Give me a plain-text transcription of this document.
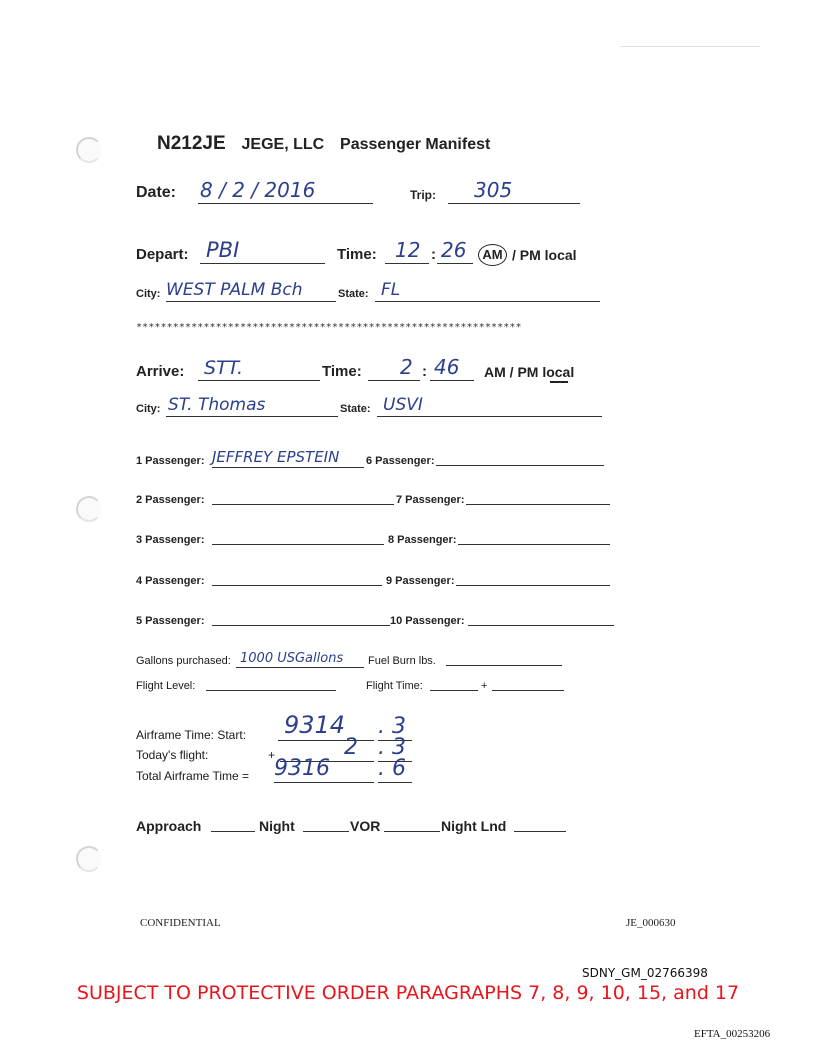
N212JE JEGE, LLC Passenger Manifest
Date: 8 / 2 / 2016	Trip: 305
Depart: PBI	Time: 12 : 26	AM / PM local
City: WEST PALM Bch	State: FL
***************************************************************
Arrive: STT.	Time: 2 : 46 AM / PM local
City: ST. Thomas	State: USVI
1 Passenger: JEFFREY EPSTEIN 6 Passenger:
2 Passenger:	7 Passenger:
3 Passenger:	8 Passenger:
4 Passenger:	9 Passenger:
5 Passenger:	10 Passenger:
Gallons purchased: 1000 USGallons Fuel Burn lbs.
Flight Level:	Flight Time:	+
Airframe Time: Start: 9314 . 3
Today's flight:	+	2 . 3
Total Airframe Time = 9316 . 6
Approach	Night	VOR	Night Lnd
CONFIDENTIAL	JE_000630
SDNY_GM_02766398
SUBJECT TO PROTECTIVE ORDER PARAGRAPHS 7, 8, 9, 10, 15, and 17
EFTA_00253206
